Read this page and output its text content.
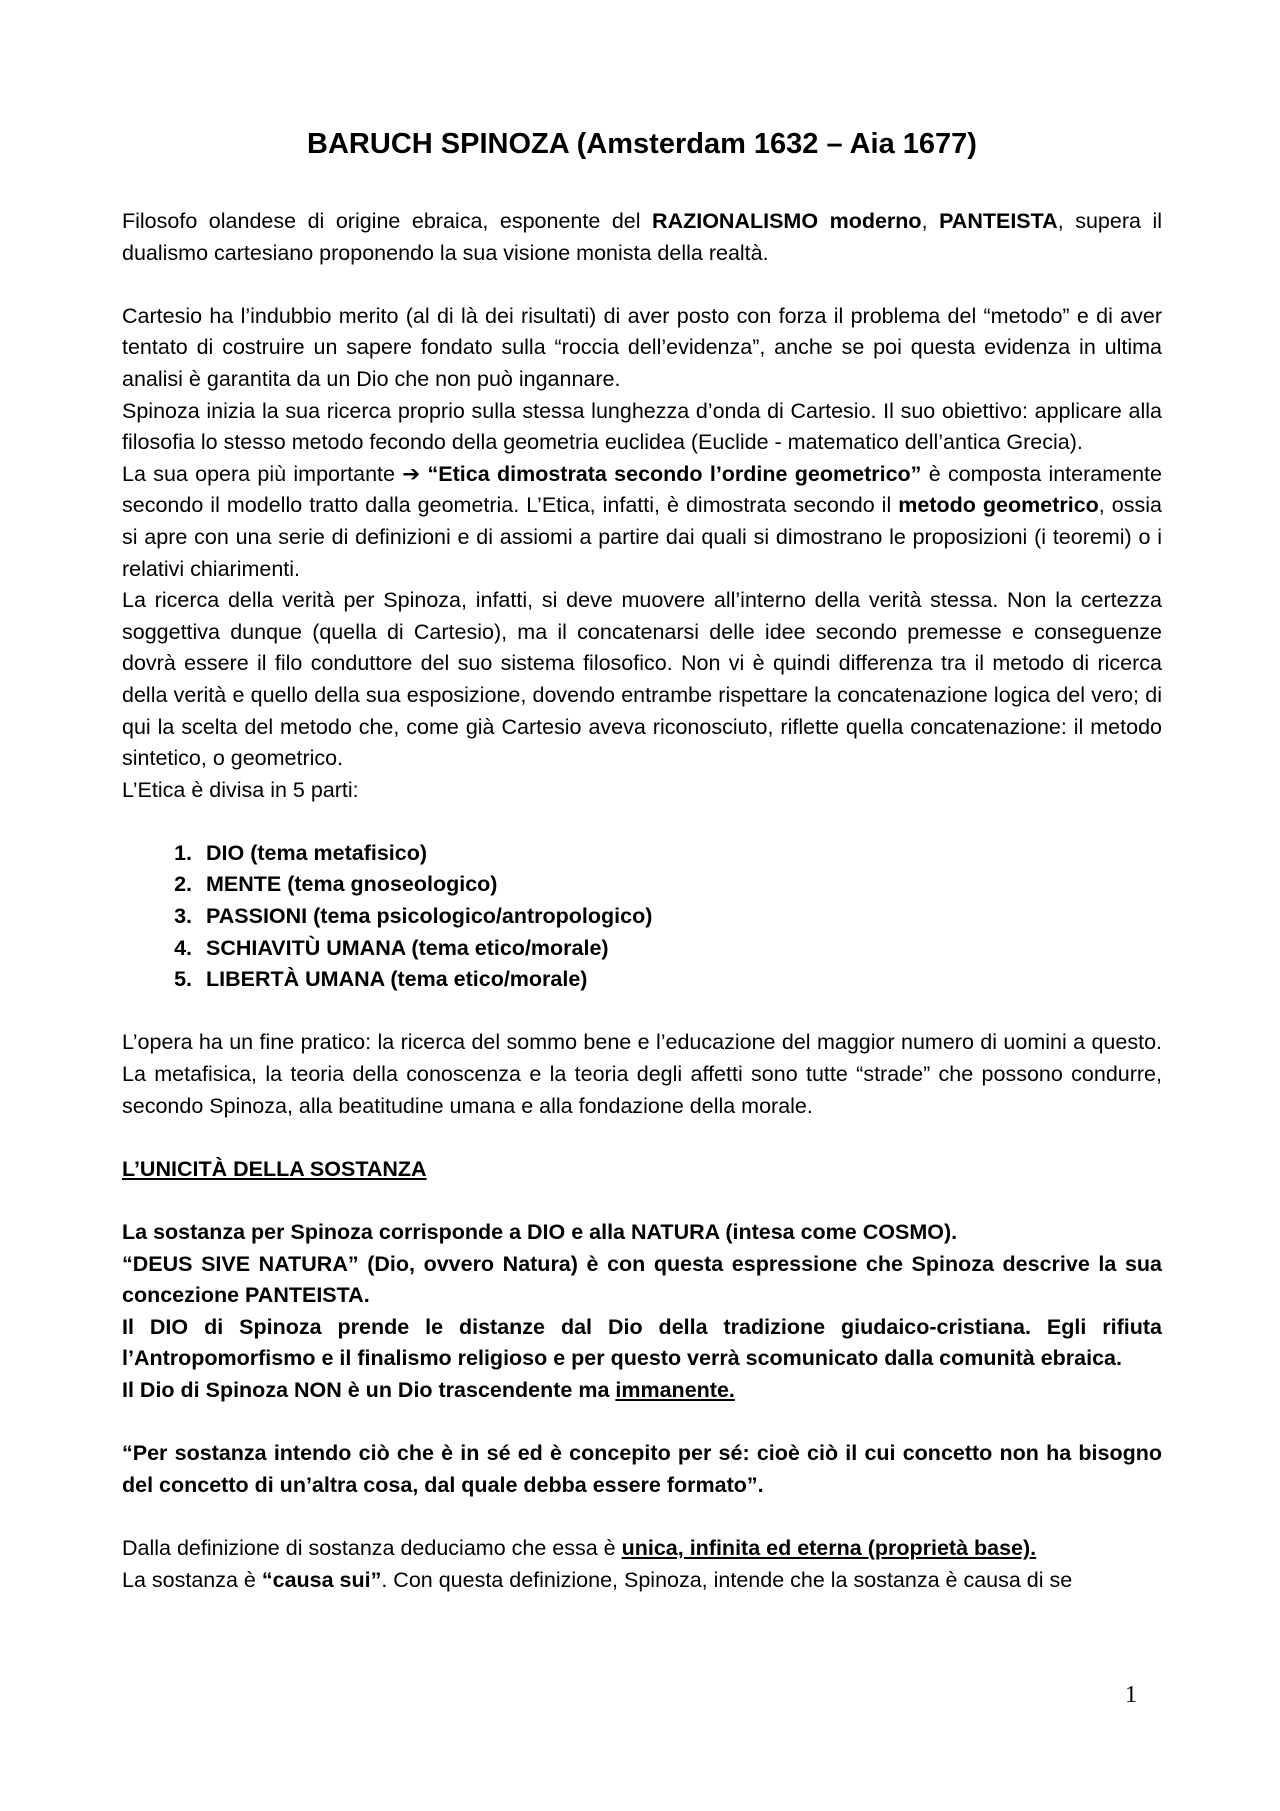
BARUCH SPINOZA (Amsterdam 1632 – Aia 1677)

Filosofo olandese di origine ebraica, esponente del RAZIONALISMO moderno, PANTEISTA, supera il dualismo cartesiano proponendo la sua visione monista della realtà.

Cartesio ha l’indubbio merito (al di là dei risultati) di aver posto con forza il problema del “metodo” e di aver tentato di costruire un sapere fondato sulla “roccia dell’evidenza”, anche se poi questa evidenza in ultima analisi è garantita da un Dio che non può ingannare.

Spinoza inizia la sua ricerca proprio sulla stessa lunghezza d’onda di Cartesio. Il suo obiettivo: applicare alla filosofia lo stesso metodo fecondo della geometria euclidea (Euclide - matematico dell’antica Grecia).

La sua opera più importante ➔ “Etica dimostrata secondo l’ordine geometrico” è composta interamente secondo il modello tratto dalla geometria. L’Etica, infatti, è dimostrata secondo il metodo geometrico, ossia si apre con una serie di definizioni e di assiomi a partire dai quali si dimostrano le proposizioni (i teoremi) o i relativi chiarimenti.

La ricerca della verità per Spinoza, infatti, si deve muovere all’interno della verità stessa. Non la certezza soggettiva dunque (quella di Cartesio), ma il concatenarsi delle idee secondo premesse e conseguenze dovrà essere il filo conduttore del suo sistema filosofico. Non vi è quindi differenza tra il metodo di ricerca della verità e quello della sua esposizione, dovendo entrambe rispettare la concatenazione logica del vero; di qui la scelta del metodo che, come già Cartesio aveva riconosciuto, riflette quella concatenazione: il metodo sintetico, o geometrico.

L’Etica è divisa in 5 parti:

1. DIO (tema metafisico)
2. MENTE (tema gnoseologico)
3. PASSIONI (tema psicologico/antropologico)
4. SCHIAVITÙ UMANA (tema etico/morale)
5. LIBERTÀ UMANA (tema etico/morale)

L’opera ha un fine pratico: la ricerca del sommo bene e l’educazione del maggior numero di uomini a questo. La metafisica, la teoria della conoscenza e la teoria degli affetti sono tutte “strade” che possono condurre, secondo Spinoza, alla beatitudine umana e alla fondazione della morale.

L’UNICITÀ DELLA SOSTANZA

La sostanza per Spinoza corrisponde a DIO e alla NATURA (intesa come COSMO).

“DEUS SIVE NATURA” (Dio, ovvero Natura) è con questa espressione che Spinoza descrive la sua concezione PANTEISTA.

Il DIO di Spinoza prende le distanze dal Dio della tradizione giudaico-cristiana. Egli rifiuta l’Antropomorfismo e il finalismo religioso e per questo verrà scomunicato dalla comunità ebraica.

Il Dio di Spinoza NON è un Dio trascendente ma immanente.

“Per sostanza intendo ciò che è in sé ed è concepito per sé: cioè ciò il cui concetto non ha bisogno del concetto di un’altra cosa, dal quale debba essere formato”.

Dalla definizione di sostanza deduciamo che essa è unica, infinita ed eterna (proprietà base).

La sostanza è “causa sui”. Con questa definizione, Spinoza, intende che la sostanza è causa di se

1
